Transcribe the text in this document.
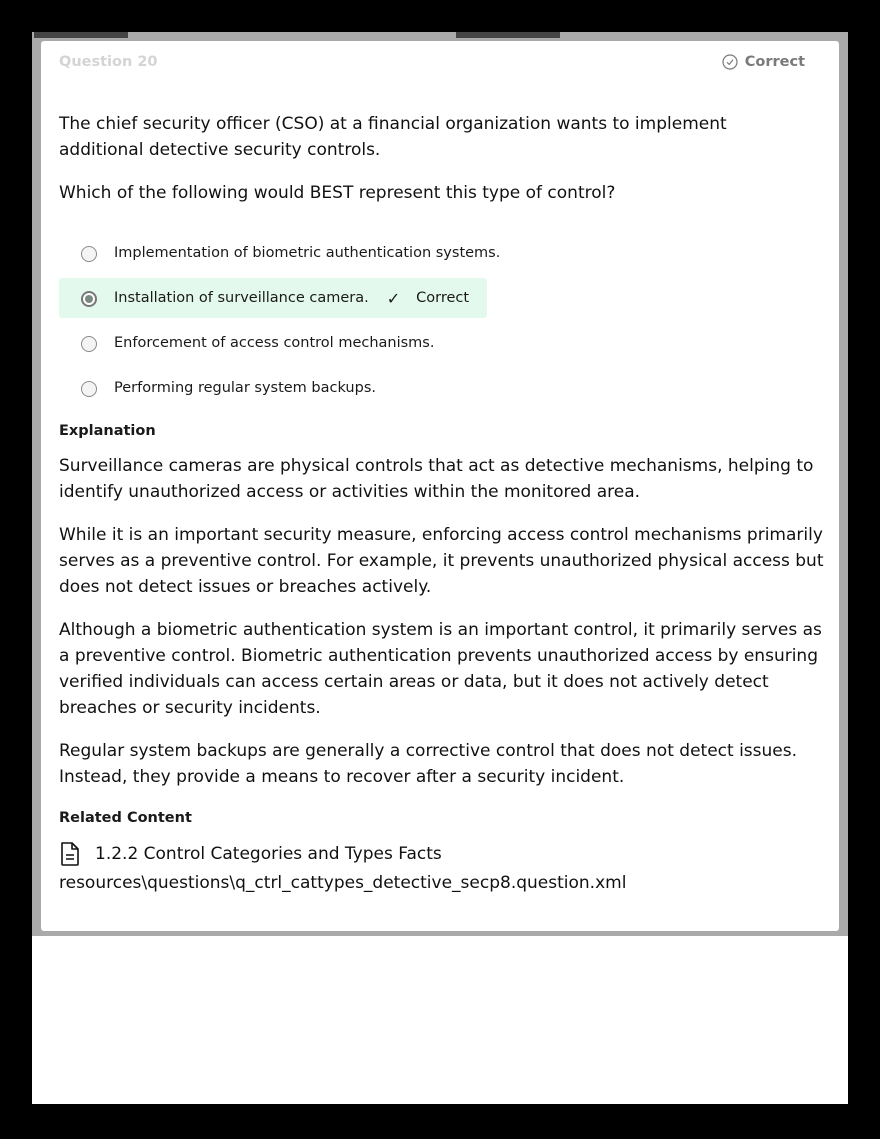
Question 20	Correct

The chief security officer (CSO) at a financial organization wants to implement additional detective security controls.

Which of the following would BEST represent this type of control?

Implementation of biometric authentication systems.
Installation of surveillance camera. ✓ Correct
Enforcement of access control mechanisms.
Performing regular system backups.
Explanation

Surveillance cameras are physical controls that act as detective mechanisms, helping to identify unauthorized access or activities within the monitored area.

While it is an important security measure, enforcing access control mechanisms primarily serves as a preventive control. For example, it prevents unauthorized physical access but does not detect issues or breaches actively.

Although a biometric authentication system is an important control, it primarily serves as a preventive control. Biometric authentication prevents unauthorized access by ensuring verified individuals can access certain areas or data, but it does not actively detect breaches or security incidents.

Regular system backups are generally a corrective control that does not detect issues. Instead, they provide a means to recover after a security incident.

Related Content
1.2.2 Control Categories and Types Facts
resources\questions\q_ctrl_cattypes_detective_secp8.question.xml
